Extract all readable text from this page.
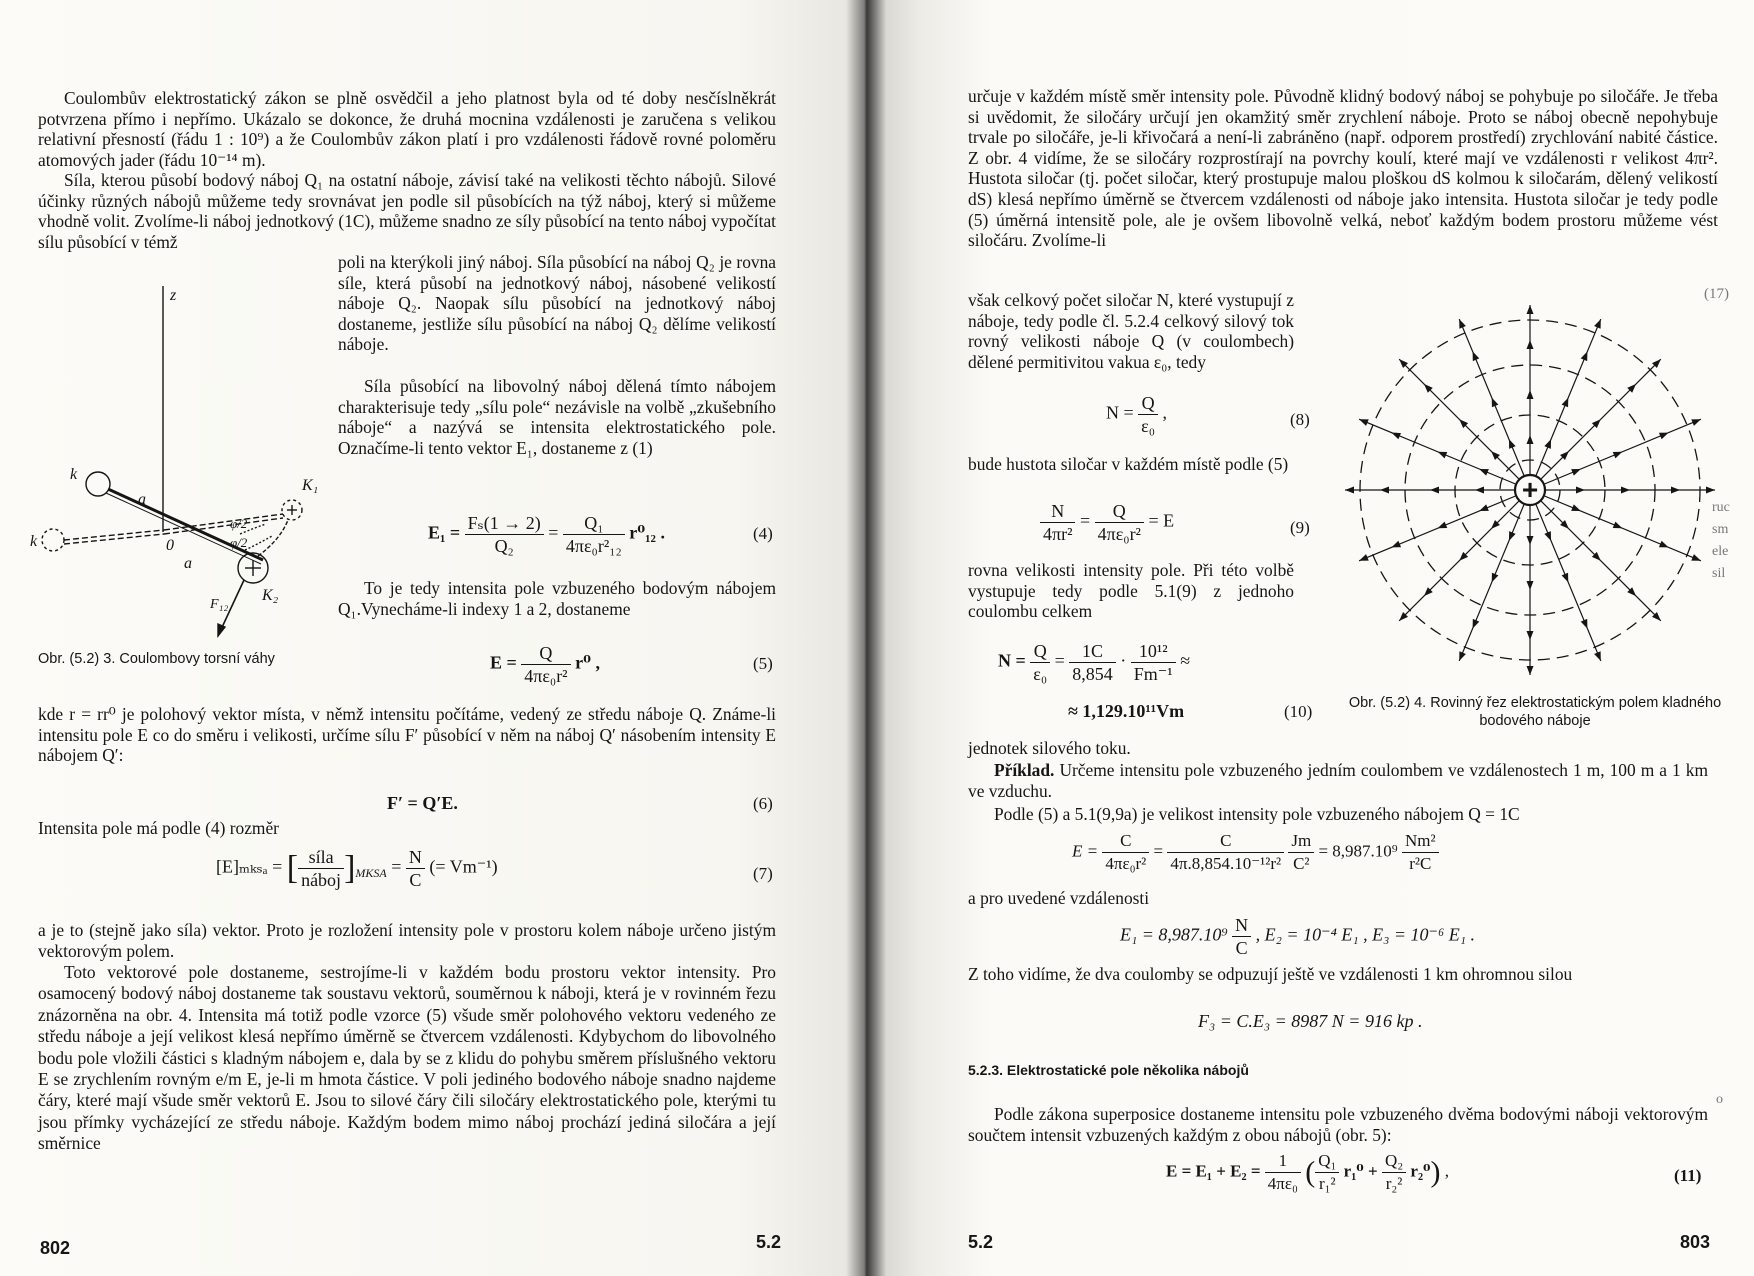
Coulombův elektrostatický zákon se plně osvědčil a jeho platnost byla od té doby nesčíslněkrát potvrzena přímo i nepřímo. Ukázalo se dokonce, že druhá mocnina vzdálenosti je zaručena s velikou relativní přesností (řádu 1 : 10⁹) a že Coulombův zákon platí i pro vzdálenosti řádově rovné poloměru atomových jader (řádu 10⁻¹⁴ m).

Síla, kterou působí bodový náboj Q₁ na ostatní náboje, závisí také na velikosti těchto nábojů. Silové účinky různých nábojů můžeme tedy srovnávat jen podle sil působících na týž náboj, který si můžeme vhodně volit. Zvolíme-li náboj jednotkový (1C), můžeme snadno ze síly působící na tento náboj vypočítat sílu působící v témž

poli na kterýkoli jiný náboj. Síla působící na náboj Q₂ je rovna síle, která působí na jednotkový náboj, násobené velikostí náboje Q₂. Naopak sílu působící na jednotkový náboj dostaneme, jestliže sílu působící na náboj Q₂ dělíme velikostí náboje.

Síla působící na libovolný náboj dělená tímto nábojem charakterisuje tedy „sílu pole“ nezávisle na volbě „zkušebního náboje“ a nazývá se intensita elektrostatického pole. Označíme-li tento vektor E₁, dostaneme z (1)

z
k
k
a
a
0
K₁
K₂
φ/2
φ/2
F₁₂
Obr. (5.2) 3. Coulombovy torsní váhy
$E_1 = \frac{\text{Fₛ(1 → 2)}}{\text{Q₂}} = \frac{\text{Q₁}}{\text{4πε₀r²₁₂}} r^0_{12}$ .	(4)

To je tedy intensita pole vzbuzeného bodovým nábojem Q₁.Vynecháme-li indexy 1 a 2, dostaneme

$E = \frac{Q}{\text{4πε₀r²}} r^0$ ,	(5)

kde r = rr⁰ je polohový vektor místa, v němž intensitu počítáme, vedený ze středu náboje Q. Známe-li intensitu pole E co do směru i velikosti, určíme sílu F′ působící v něm na náboj Q′ násobením intensity E nábojem Q′:

F′ = Q′E.	(6)

Intensita pole má podle (4) rozměr

[E]ₘₖₛₐ = [ $\frac{\text{síla}}{\text{náboj}} ]_{MKSA} = \frac{N}{C}$ (= Vm⁻¹)	(7)

a je to (stejně jako síla) vektor. Proto je rozložení intensity pole v prostoru kolem náboje určeno jistým vektorovým polem.

Toto vektorové pole dostaneme, sestrojíme-li v každém bodu prostoru vektor intensity. Pro osamocený bodový náboj dostaneme tak soustavu vektorů, souměrnou k náboji, která je v rovinném řezu znázorněna na obr. 4. Intensita má totiž podle vzorce (5) všude směr polohového vektoru vedeného ze středu náboje a její velikost klesá nepřímo úměrně se čtvercem vzdálenosti. Kdybychom do libovolného bodu pole vložili částici s kladným nábojem e, dala by se z klidu do pohybu směrem příslušného vektoru E se zrychlením rovným e/m E, je-li m hmota částice. V poli jediného bodového náboje snadno najdeme čáry, které mají všude směr vektorů E. Jsou to silové čáry čili siločáry elektrostatického pole, kterými tu jsou přímky vycházející ze středu náboje. Každým bodem mimo náboj prochází jediná siločára a její směrnice

802	5.2

určuje v každém místě směr intensity pole. Původně klidný bodový náboj se pohybuje po siločáře. Je třeba si uvědomit, že siločáry určují jen okamžitý směr zrychlení náboje. Proto se náboj obecně nepohybuje trvale po siločáře, je-li křivočará a není-li zabráněno (např. odporem prostředí) zrychlování nabité částice. Z obr. 4 vidíme, že se siločáry rozprostírají na povrchy koulí, které mají ve vzdálenosti r velikost 4πr². Hustota siločar (tj. počet siločar, který prostupuje malou ploškou dS kolmou k siločarám, dělený velikostí dS) klesá nepřímo úměrně se čtvercem vzdálenosti od náboje jako intensita. Hustota siločar je tedy podle (5) úměrná intensitě pole, ale je ovšem libovolně velká, neboť každým bodem prostoru můžeme vést siločáru. Zvolíme-li

však celkový počet siločar N, které vystupují z náboje, tedy podle čl. 5.2.4 celkový silový tok rovný velikosti náboje Q (v coulombech) dělené permitivitou vakua ε₀, tedy

$N = \frac{Q}{\text{ε₀}}$ ,	(8)

bude hustota siločar v každém místě podle (5)

$\frac{N}{\text{4πr²}} = \frac{Q}{\text{4πε₀r²}} = E$	(9)

rovna velikosti intensity pole. Při této volbě vystupuje tedy podle 5.1(9) z jednoho coulombu celkem

$N = \frac{Q}{\text{ε₀}} = \frac{1C}{8,854} \cdot \frac{\text{10¹²}}{\text{Fm⁻¹}}$ ≈
≈ 1,129.10¹¹Vm	(10)
+
Obr. (5.2) 4. Rovinný řez elektrostatickým polem kladného bodového náboje

jednotek silového toku.

Příklad. Určeme intensitu pole vzbuzeného jedním coulombem ve vzdálenostech 1 m, 100 m a 1 km ve vzduchu.

Podle (5) a 5.1(9,9a) je velikost intensity pole vzbuzeného nábojem Q = 1C

$E = \frac{C}{\text{4πε₀r²}} = \frac{C}{\text{4π.8,854.10⁻¹²r²}}$
$\frac{Jm}{\text{C²}} = 8,987.10^9 \frac{\text{Nm²}}{\text{r²C}}$

a pro uvedené vzdálenosti

$E_1 = 8,987.10^9 \frac{N}{C}$ , E₂ = 10⁻⁴ E₁ , E₃ = 10⁻⁶ E₁ .

Z toho vidíme, že dva coulomby se odpuzují ještě ve vzdálenosti 1 km ohromnou silou

F₃ = C.E₃ = 8987 N = 916 kp .
5.2.3. Elektrostatické pole několika nábojů

Podle zákona superposice dostaneme intensitu pole vzbuzeného dvěma bodovými náboji vektorovým součtem intensit vzbuzených každým z obou nábojů (obr. 5):

$E = E_1 + E_2 = \frac{1}{\text{4πε₀}}$ ( $\frac{\text{Q₁}}{\text{r₁²}} r_1^0 + \frac{\text{Q₂}}{\text{r₂²}} r_2^0$) ,	(11)
5.2	803
(17)
ruc
sm
ele
sil
o
